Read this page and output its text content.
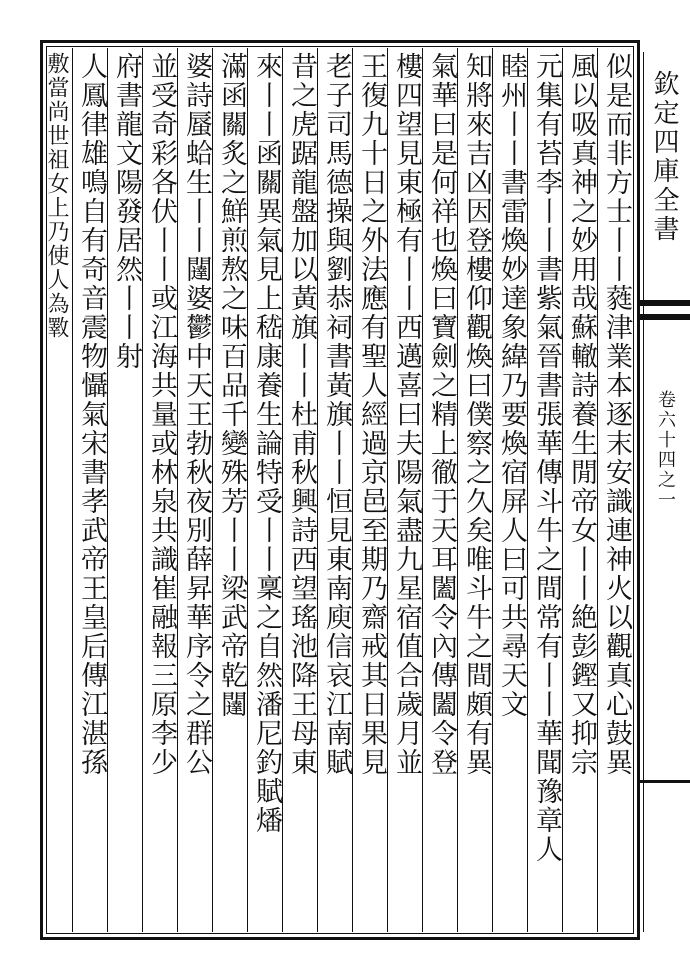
欽定四庫全書
卷六十四之一
似是而非方士丨丨蕤津業本逐末安識連神火以觀真心鼓異
風以吸真神之妙用哉蘇轍詩養生閒帝女丨丨絶彭鏗又抑宗
元集有苔李丨丨書紫氣晉書張華傳斗牛之間常有丨丨華聞豫章人
睦州丨丨書雷煥妙達象緯乃要煥宿屏人曰可共尋天文
知將來吉凶因登樓仰觀煥曰僕察之久矣唯斗牛之間頗有異
氣華曰是何祥也煥曰寶劍之精上徹于天耳闔令內傳闔令登
樓四望見東極有丨丨西邁喜曰夫陽氣盡九星宿值合歲月並
王復九十日之外法應有聖人經過京邑至期乃齋戒其日果見
老子司馬德操與劉恭祠書黃旗丨丨恒見東南庾信哀江南賦
昔之虎踞龍盤加以黃旗丨丨杜甫秋興詩西望瑤池降王母東
來丨丨函關異氣見上嵇康養生論特受丨丨稟之自然潘尼釣賦燔
滿函關炙之鮮煎熬之味百品千變殊芳丨丨梁武帝乾闥
婆詩蜃蛤生丨丨闥婆鬱中天王勃秋夜別薛昇華序令之群公
並受奇彩各伏丨丨或江海共量或林泉共識崔融報三原李少
府書龍文陽發居然丨丨射
人鳳律雄鳴自有奇音震物懾氣宋書孝武帝王皇后傳江湛孫
敷當尚世祖女上乃使人為斁
